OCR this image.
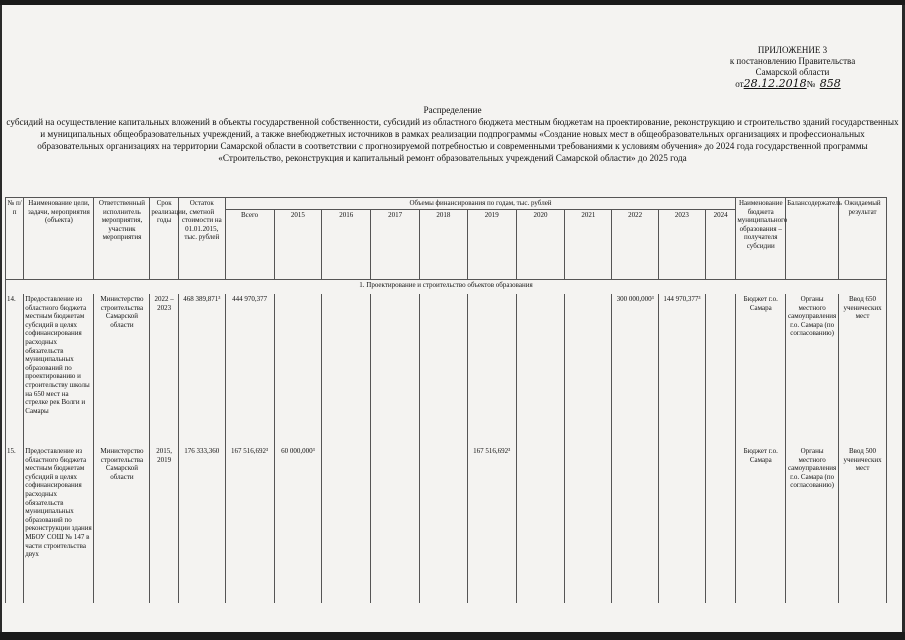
ПРИЛОЖЕНИЕ 3
к постановлению Правительства
Самарской области
от28.12.2018№ 858
Распределение
субсидий на осуществление капитальных вложений в объекты государственной собственности, субсидий из областного бюджета местным бюджетам на проектирование, реконструкцию и строительство зданий государственных и муниципальных общеобразовательных учреждений, а также внебюджетных источников в рамках реализации подпрограммы «Создание новых мест в общеобразовательных организациях и профессиональных образовательных организациях на территории Самарской области в соответствии с прогнозируемой потребностью и современными требованиями к условиям обучения» до 2024 года государственной программы «Строительство, реконструкция и капитальный ремонт образовательных учреждений Самарской области» до 2025 года
№ п/п	Наименование цели, задачи, мероприятия (объекта)	Ответственный исполнитель мероприятия, участник мероприятия	Срок реализации, годы	Остаток сметной стоимости на 01.01.2015, тыс. рублей	Объемы финансирования по годам, тыс. рублей											Наименование бюджета муниципального образования – получателя субсидии	Балансодержатель	Ожидаемый результат
					Всего	2015	2016	2017	2018	2019	2020	2021	2022	2023	2024			
1. Проектирование и строительство объектов образования																		
14.	Предоставление из областного бюджета местным бюджетам субсидий в целях софинансирования расходных обязательств муниципальных образований по проектированию и строительству школы на 650 мест на стрелке рек Волги и Самары	Министерство строительства Самарской области	2022 – 2023	468 389,871³	444 970,377								300 000,000³	144 970,377³		Бюджет г.о. Самара	Органы местного самоуправления г.о. Самара (по согласованию)	Ввод 650 ученических мест
15.	Предоставление из областного бюджета местным бюджетам субсидий в целях софинансирования расходных обязательств муниципальных образований по реконструкции здания МБОУ СОШ № 147 в части строительства двух	Министерство строительства Самарской области	2015, 2019	176 333,360	167 516,692³	60 000,000³				167 516,692³						Бюджет г.о. Самара	Органы местного самоуправления г.о. Самара (по согласованию)	Ввод 500 ученических мест
